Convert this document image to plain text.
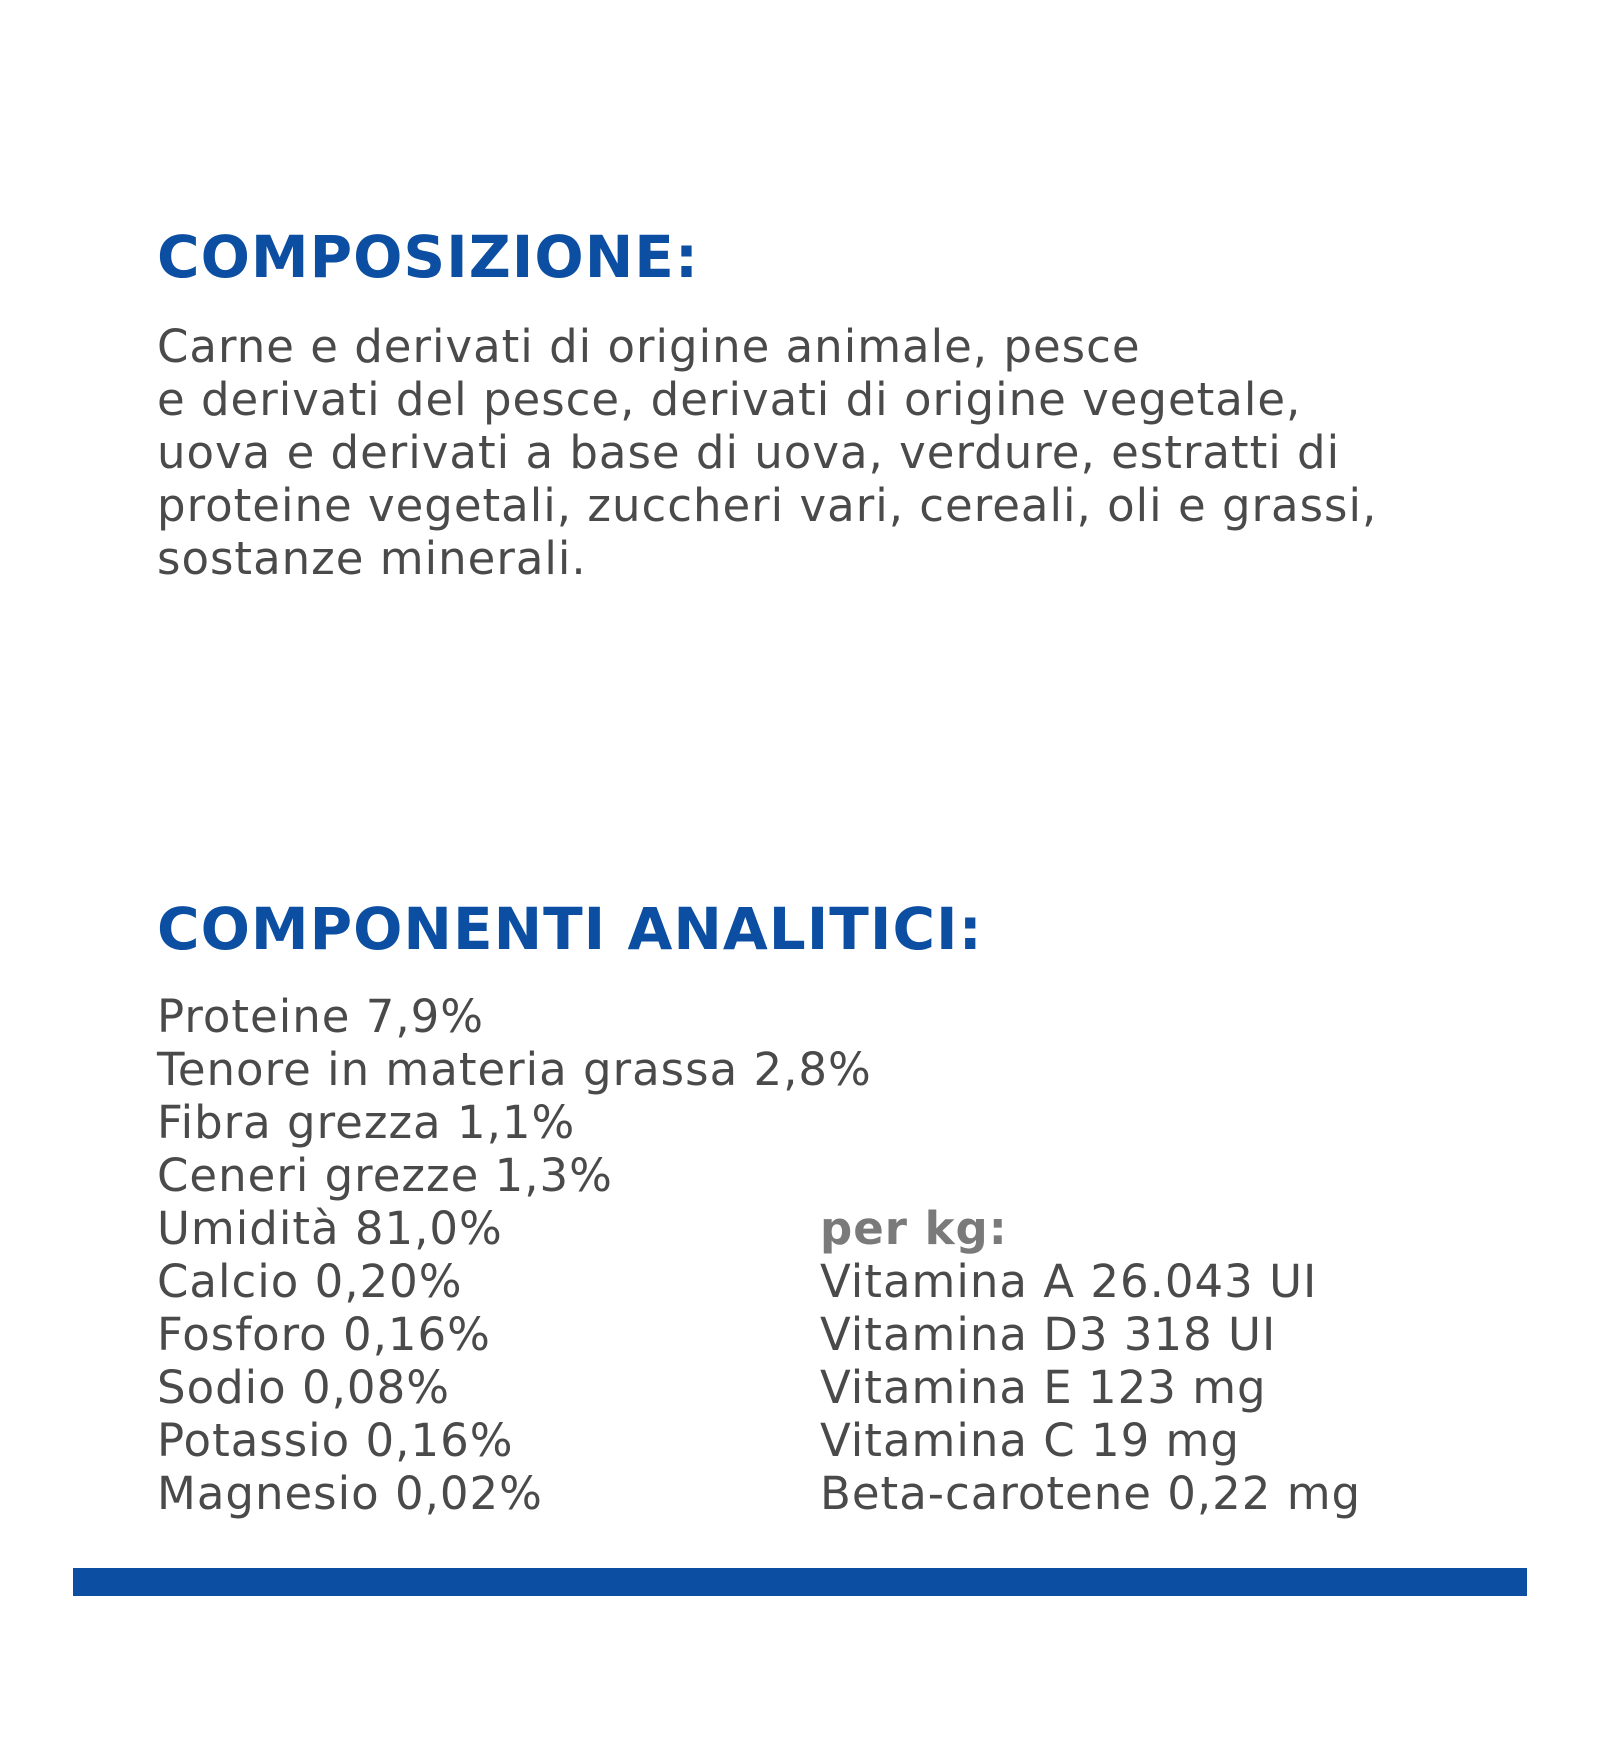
COMPOSIZIONE:
Carne e derivati di origine animale, pesce
e derivati del pesce, derivati di origine vegetale,
uova e derivati a base di uova, verdure, estratti di
proteine vegetali, zuccheri vari, cereali, oli e grassi,
sostanze minerali.
COMPONENTI ANALITICI:
Proteine 7,9%
Tenore in materia grassa 2,8%
Fibra grezza 1,1%
Ceneri grezze 1,3%
Umidità 81,0%
Calcio 0,20%
Fosforo 0,16%
Sodio 0,08%
Potassio 0,16%
Magnesio 0,02%
per kg:
Vitamina A 26.043 UI
Vitamina D3 318 UI
Vitamina E 123 mg
Vitamina C 19 mg
Beta-carotene 0,22 mg
